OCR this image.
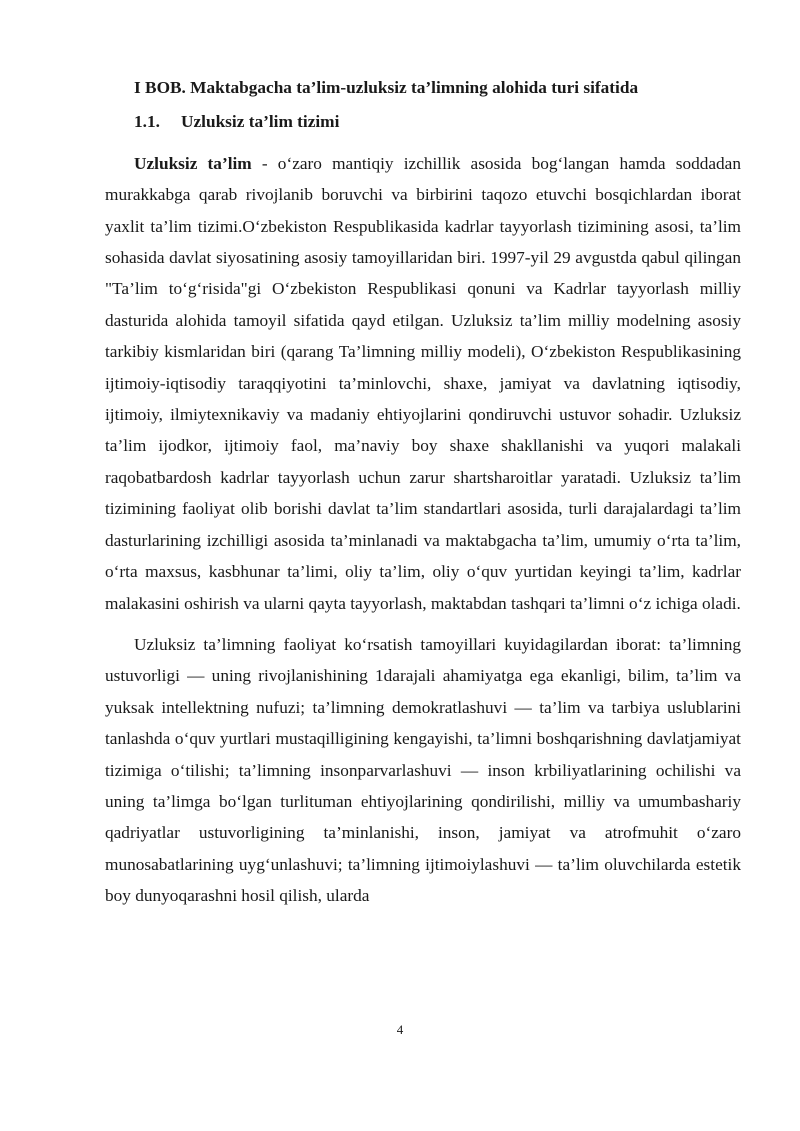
I BOB. Maktabgacha ta’lim-uzluksiz ta’limning alohida turi sifatida

1.1. Uzluksiz ta’lim tizimi

Uzluksiz ta’lim - o‘zaro mantiqiy izchillik asosida bog‘langan hamda soddadan murakkabga qarab rivojlanib boruvchi va birbirini taqozo etuvchi bosqichlardan iborat yaxlit ta’lim tizimi.O‘zbekiston Respublikasida kadrlar tayyorlash tizimining asosi, ta’lim sohasida davlat siyosatining asosiy tamoyillaridan biri. 1997-yil 29 avgustda qabul qilingan "Ta’lim to‘g‘risida"gi O‘zbekiston Respublikasi qonuni va Kadrlar tayyorlash milliy dasturida alohida tamoyil sifatida qayd etilgan. Uzluksiz ta’lim milliy modelning asosiy tarkibiy kismlaridan biri (qarang Ta’limning milliy modeli), O‘zbekiston Respublikasining ijtimoiy-iqtisodiy taraqqiyotini ta’minlovchi, shaxe, jamiyat va davlatning iqtisodiy, ijtimoiy, ilmiytexnikaviy va madaniy ehtiyojlarini qondiruvchi ustuvor sohadir. Uzluksiz ta’lim ijodkor, ijtimoiy faol, ma’naviy boy shaxe shakllanishi va yuqori malakali raqobatbardosh kadrlar tayyorlash uchun zarur shartsharoitlar yaratadi. Uzluksiz ta’lim tizimining faoliyat olib borishi davlat ta’lim standartlari asosida, turli darajalardagi ta’lim dasturlarining izchilligi asosida ta’minlanadi va maktabgacha ta’lim, umumiy o‘rta ta’lim, o‘rta maxsus, kasbhunar ta’limi, oliy ta’lim, oliy o‘quv yurtidan keyingi ta’lim, kadrlar malakasini oshirish va ularni qayta tayyorlash, maktabdan tashqari ta’limni o‘z ichiga oladi.

Uzluksiz ta’limning faoliyat ko‘rsatish tamoyillari kuyidagilardan iborat: ta’limning ustuvorligi — uning rivojlanishining 1darajali ahamiyatga ega ekanligi, bilim, ta’lim va yuksak intellektning nufuzi; ta’limning demokratlashuvi — ta’lim va tarbiya uslublarini tanlashda o‘quv yurtlari mustaqilligining kengayishi, ta’limni boshqarishning davlatjamiyat tizimiga o‘tilishi; ta’limning insonparvarlashuvi — inson krbiliyatlarining ochilishi va uning ta’limga bo‘lgan turlituman ehtiyojlarining qondirilishi, milliy va umumbashariy qadriyatlar ustuvorligining ta’minlanishi, inson, jamiyat va atrofmuhit o‘zaro munosabatlarining uyg‘unlashuvi; ta’limning ijtimoiylashuvi — ta’lim oluvchilarda estetik boy dunyoqarashni hosil qilish, ularda

4
